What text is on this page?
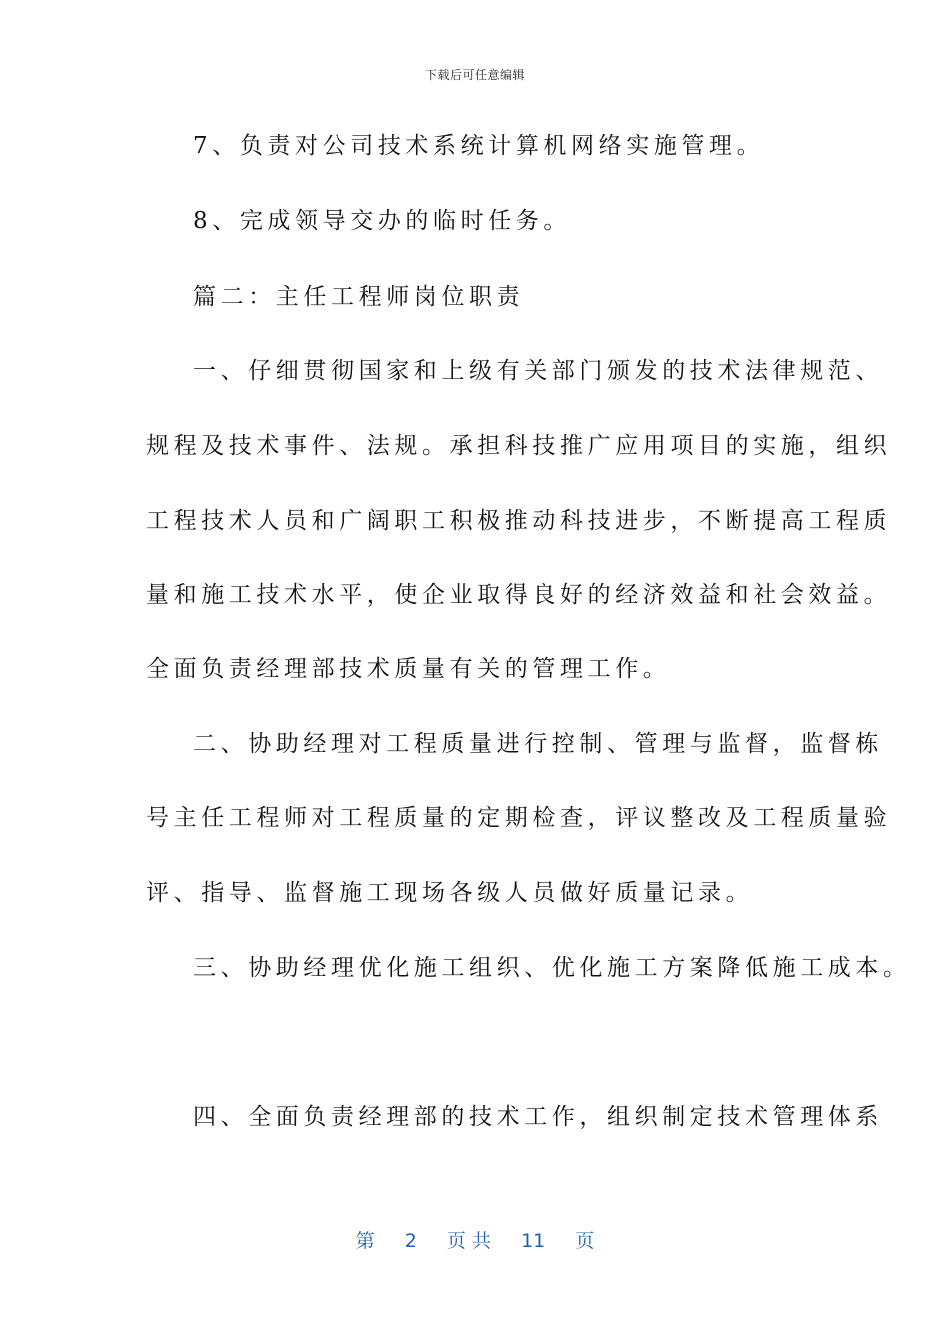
下载后可任意编辑
7、负责对公司技术系统计算机网络实施管理。
8、完成领导交办的临时任务。
篇二：主任工程师岗位职责
一、仔细贯彻国家和上级有关部门颁发的技术法律规范、
规程及技术事件、法规。承担科技推广应用项目的实施，组织
工程技术人员和广阔职工积极推动科技进步，不断提高工程质
量和施工技术水平，使企业取得良好的经济效益和社会效益。
全面负责经理部技术质量有关的管理工作。
二、协助经理对工程质量进行控制、管理与监督，监督栋
号主任工程师对工程质量的定期检查，评议整改及工程质量验
评、指导、监督施工现场各级人员做好质量记录。
三、协助经理优化施工组织、优化施工方案降低施工成本。
四、全面负责经理部的技术工作，组织制定技术管理体系
第 2 页 共 11 页
